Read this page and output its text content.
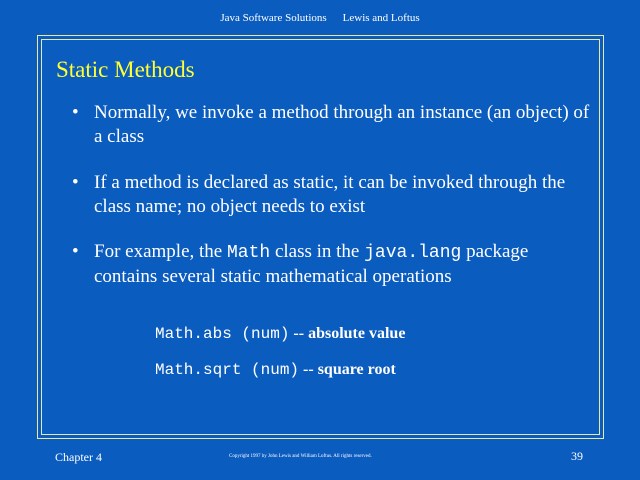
Java Software Solutions Lewis and Loftus
Static Methods
• Normally, we invoke a method through an instance (an object) of a class
• If a method is declared as static, it can be invoked through the class name; no object needs to exist
• For example, the Math class in the java.lang package contains several static mathematical operations
Math.abs (num) -- absolute value
Math.sqrt (num) -- square root
Chapter 4	Copyright 1997 by John Lewis and William Loftus. All rights reserved.	39
